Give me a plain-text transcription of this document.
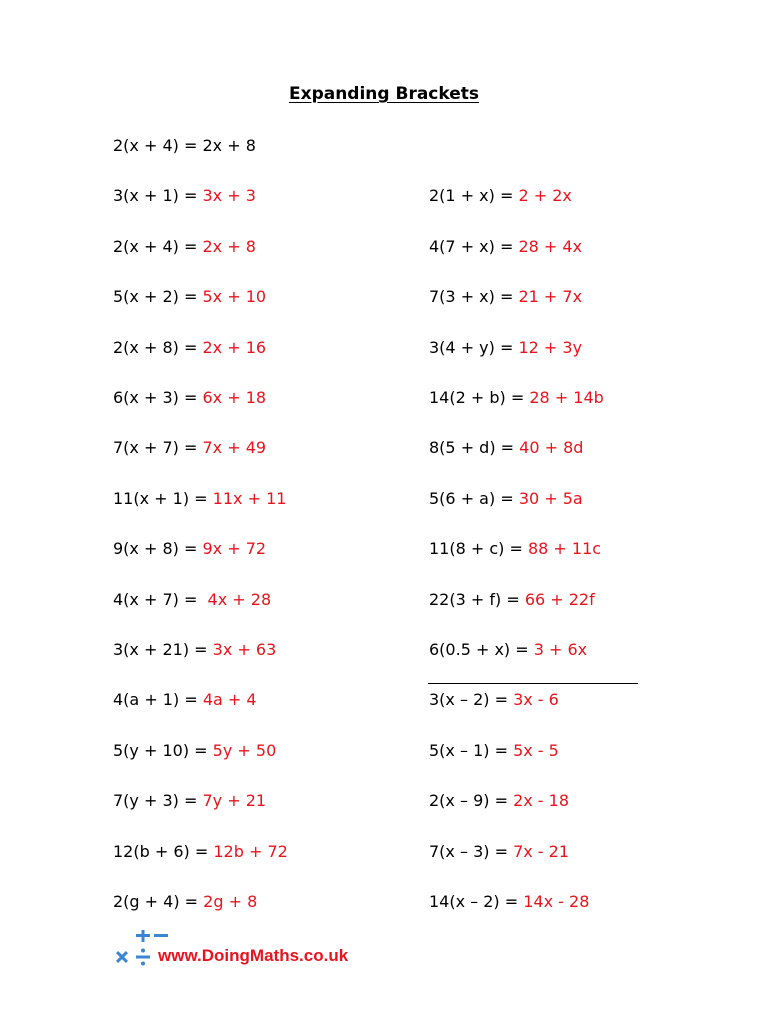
Expanding Brackets
2(x + 4) = 2x + 8
3(x + 1) = 3x + 3
2(x + 4) = 2x + 8
5(x + 2) = 5x + 10
2(x + 8) = 2x + 16
6(x + 3) = 6x + 18
7(x + 7) = 7x + 49
11(x + 1) = 11x + 11
9(x + 8) = 9x + 72
4(x + 7) =  4x + 28
3(x + 21) = 3x + 63
4(a + 1) = 4a + 4
5(y + 10) = 5y + 50
7(y + 3) = 7y + 21
12(b + 6) = 12b + 72
2(g + 4) = 2g + 8
2(1 + x) = 2 + 2x
4(7 + x) = 28 + 4x
7(3 + x) = 21 + 7x
3(4 + y) = 12 + 3y
14(2 + b) = 28 + 14b
8(5 + d) = 40 + 8d
5(6 + a) = 30 + 5a
11(8 + c) = 88 + 11c
22(3 + f) = 66 + 22f
6(0.5 + x) = 3 + 6x
3(x – 2) = 3x - 6
5(x – 1) = 5x - 5
2(x – 9) = 2x - 18
7(x – 3) = 7x - 21
14(x – 2) = 14x - 28
www.DoingMaths.co.uk
